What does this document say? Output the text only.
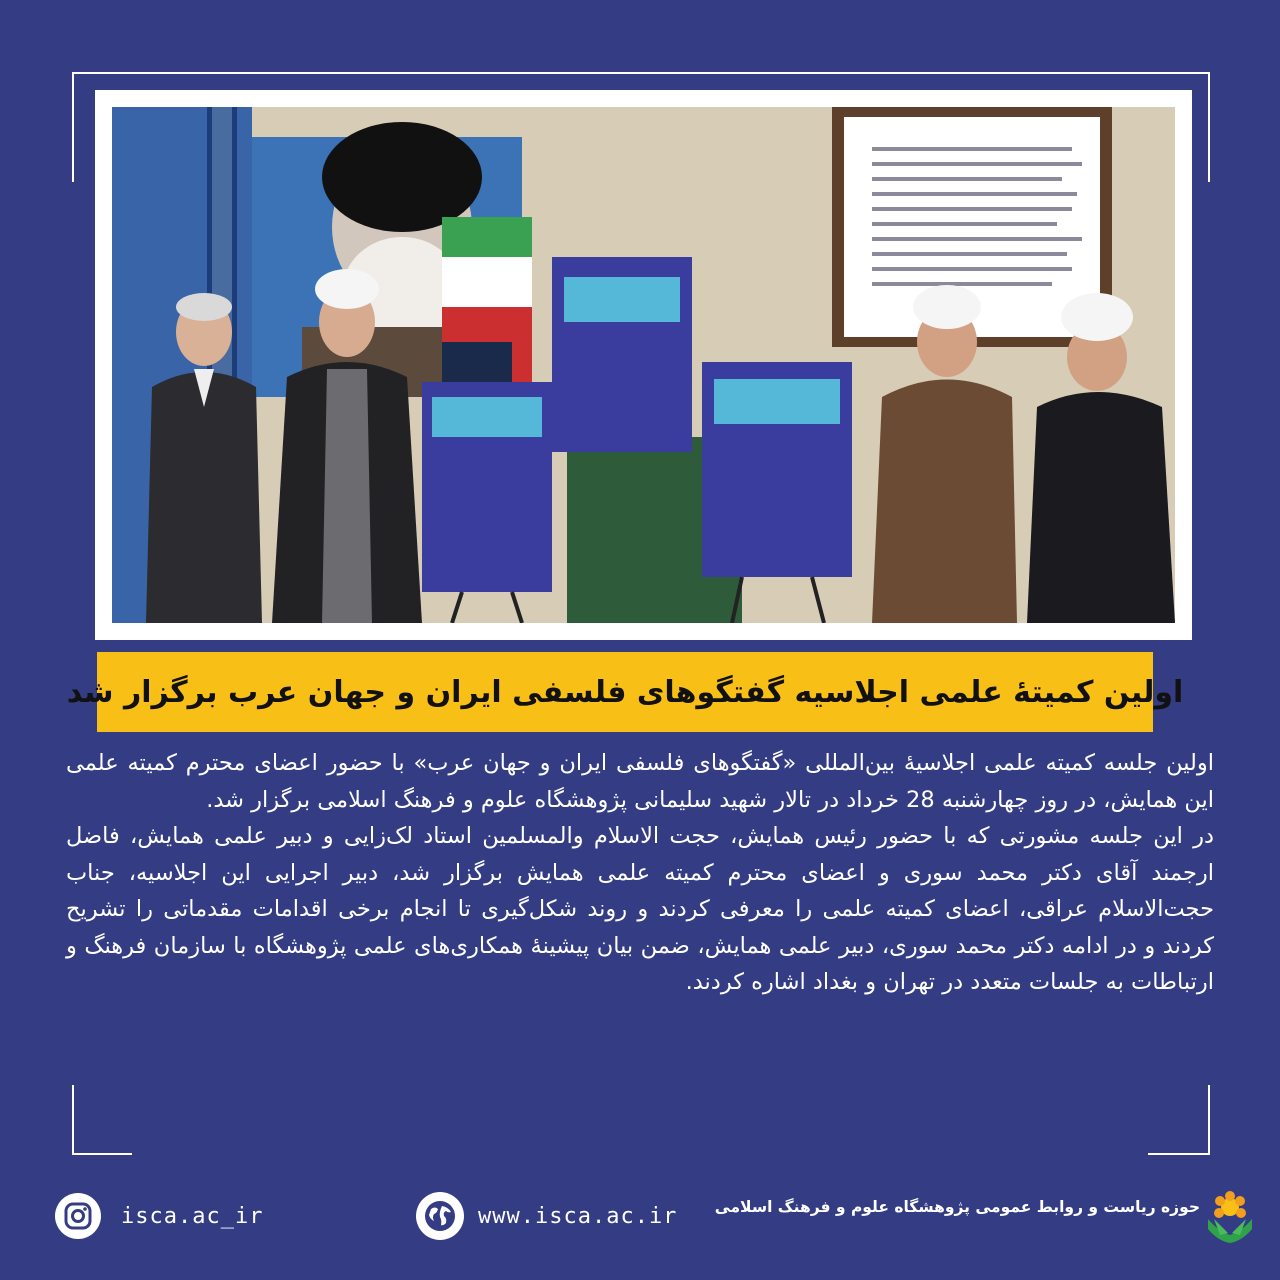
اولین کمیتهٔ علمی اجلاسیه گفتگوهای فلسفی ایران و جهان عرب برگزار شد

اولین جلسه کمیته علمی اجلاسیهٔ بین‌المللی «گفتگوهای فلسفی ایران و جهان عرب» با حضور اعضای محترم کمیته علمی این همایش، در روز چهارشنبه 28 خرداد در تالار شهید سلیمانی پژوهشگاه علوم و فرهنگ اسلامی برگزار شد.

در این جلسه مشورتی که با حضور رئیس همایش، حجت الاسلام والمسلمین استاد لک‌زایی و دبیر علمی همایش، فاضل ارجمند آقای دکتر محمد سوری و اعضای محترم کمیته علمی همایش برگزار شد، دبیر اجرایی این اجلاسیه، جناب حجت‌الاسلام عراقی، اعضای کمیته علمی را معرفی کردند و روند شکل‌گیری تا انجام برخی اقدامات مقدماتی را تشریح کردند و در ادامه دکتر محمد سوری، دبیر علمی همایش، ضمن بیان پیشینهٔ همکاری‌های علمی پژوهشگاه با سازمان فرهنگ و ارتباطات به جلسات متعدد در تهران و بغداد اشاره کردند.

isca.ac_ir	www.isca.ac.ir	حوزه ریاست و روابط عمومی پژوهشگاه علوم و فرهنگ اسلامی
